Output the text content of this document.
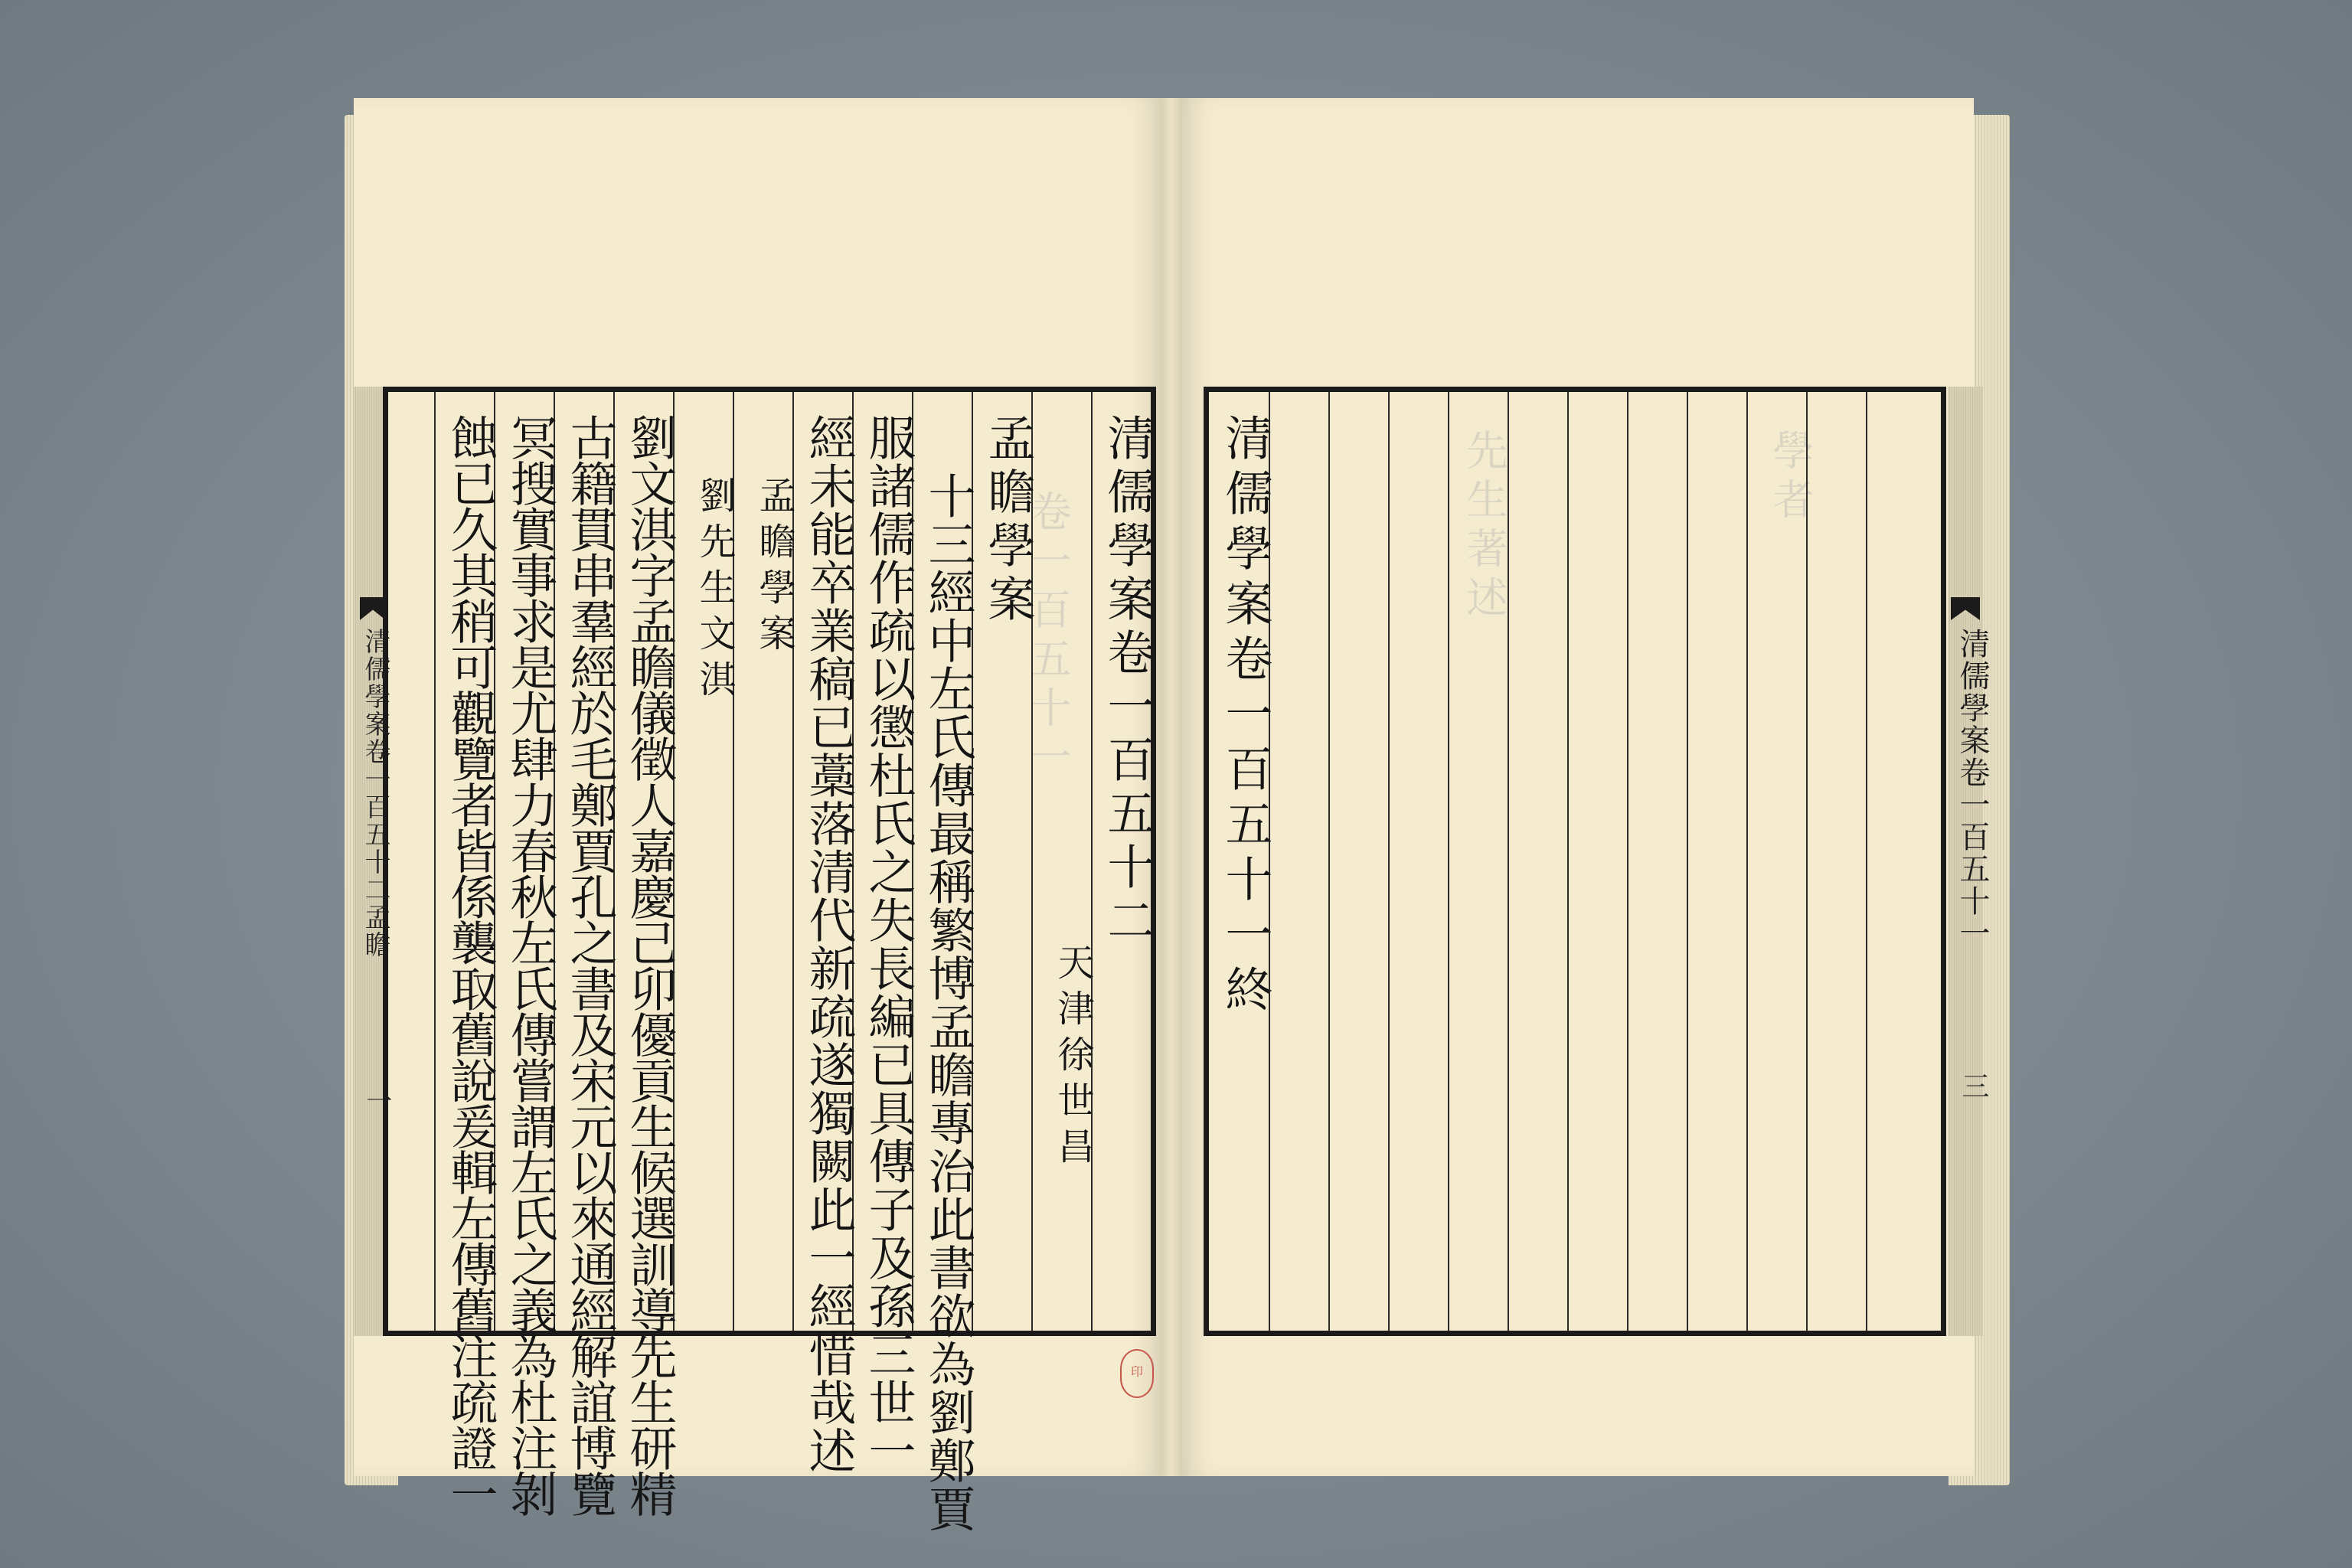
卷一百五十一	先生著述	學者
清儒學案卷一百五十二孟瞻
一
清儒學案卷一百五十一
三
清儒學案卷一百五十二
天津徐世昌
孟瞻學案
十三經中左氏傳最稱繁博孟瞻專治此書欲為劉鄭賈
服諸儒作疏以懲杜氏之失長編已具傳子及孫三世一
經未能卒業稿已藁落清代新疏遂獨闕此一經惜哉述
孟瞻學案
劉先生文淇
劉文淇字孟瞻儀徵人嘉慶己卯優貢生候選訓導先生研精
古籍貫串羣經於毛鄭賈孔之書及宋元以來通經解誼博覽
冥搜實事求是尤肆力春秋左氏傳嘗謂左氏之義為杜注剝
蝕已久其稍可觀覽者皆係襲取舊說爰輯左傳舊注疏證一	清儒學案卷一百五十一終
印
